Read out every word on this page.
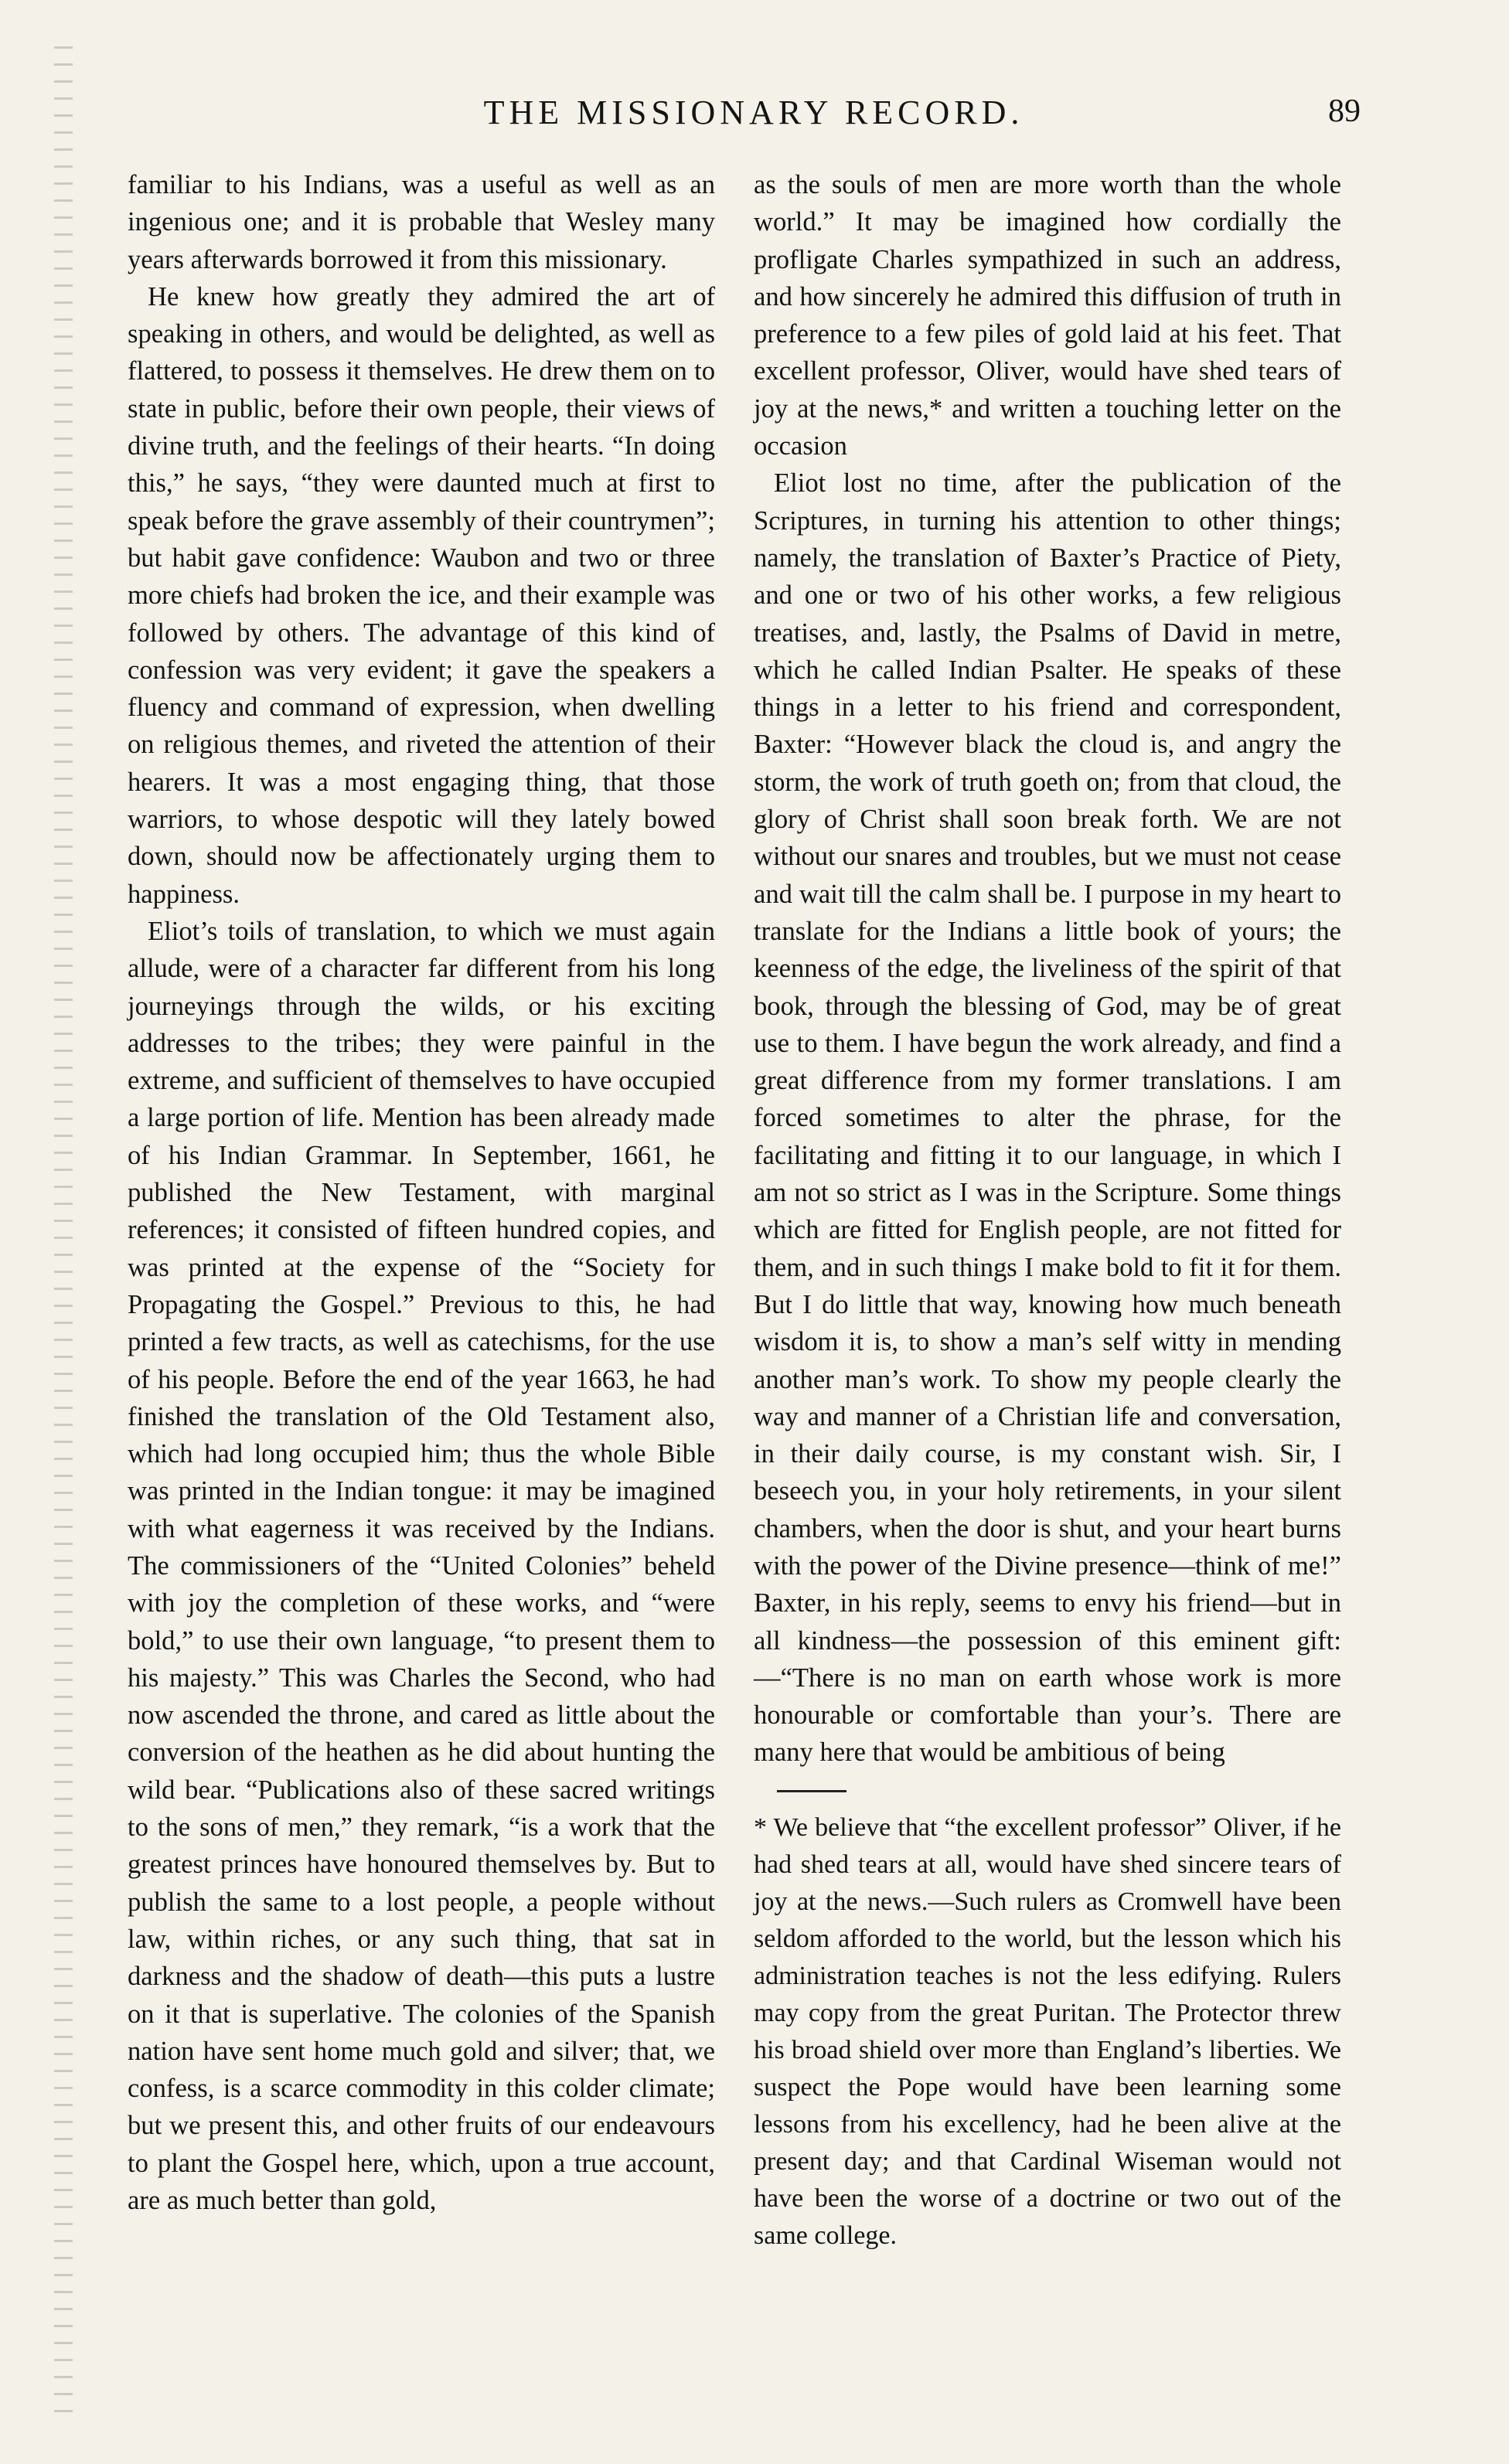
THE MISSIONARY RECORD.	89

familiar to his Indians, was a useful as well as an ingenious one; and it is probable that Wesley many years afterwards borrowed it from this missionary.

He knew how greatly they admired the art of speaking in others, and would be delighted, as well as flattered, to possess it themselves. He drew them on to state in public, before their own people, their views of divine truth, and the feelings of their hearts. “In doing this,” he says, “they were daunted much at first to speak before the grave assembly of their countrymen”; but habit gave confidence: Waubon and two or three more chiefs had broken the ice, and their example was followed by others. The advantage of this kind of confession was very evident; it gave the speakers a fluency and command of expression, when dwelling on religious themes, and riveted the attention of their hearers. It was a most engaging thing, that those warriors, to whose despotic will they lately bowed down, should now be affectionately urging them to happiness.

Eliot’s toils of translation, to which we must again allude, were of a character far different from his long journeyings through the wilds, or his exciting addresses to the tribes; they were painful in the extreme, and sufficient of themselves to have occupied a large portion of life. Mention has been already made of his Indian Grammar. In September, 1661, he published the New Testament, with marginal references; it consisted of fifteen hundred copies, and was printed at the expense of the “Society for Propagating the Gospel.” Previous to this, he had printed a few tracts, as well as catechisms, for the use of his people. Before the end of the year 1663, he had finished the translation of the Old Testament also, which had long occupied him; thus the whole Bible was printed in the Indian tongue: it may be imagined with what eagerness it was received by the Indians. The commissioners of the “United Colonies” beheld with joy the completion of these works, and “were bold,” to use their own language, “to present them to his majesty.” This was Charles the Second, who had now ascended the throne, and cared as little about the conversion of the heathen as he did about hunting the wild bear. “Publications also of these sacred writings to the sons of men,” they remark, “is a work that the greatest princes have honoured themselves by. But to publish the same to a lost people, a people without law, within riches, or any such thing, that sat in darkness and the shadow of death—this puts a lustre on it that is superlative. The colonies of the Spanish nation have sent home much gold and silver; that, we confess, is a scarce commodity in this colder climate; but we present this, and other fruits of our endeavours to plant the Gospel here, which, upon a true account, are as much better than gold,

as the souls of men are more worth than the whole world.” It may be imagined how cordially the profligate Charles sympathized in such an address, and how sincerely he admired this diffusion of truth in preference to a few piles of gold laid at his feet. That excellent professor, Oliver, would have shed tears of joy at the news,* and written a touching letter on the occasion

Eliot lost no time, after the publication of the Scriptures, in turning his attention to other things; namely, the translation of Baxter’s Practice of Piety, and one or two of his other works, a few religious treatises, and, lastly, the Psalms of David in metre, which he called Indian Psalter. He speaks of these things in a letter to his friend and correspondent, Baxter: “However black the cloud is, and angry the storm, the work of truth goeth on; from that cloud, the glory of Christ shall soon break forth. We are not without our snares and troubles, but we must not cease and wait till the calm shall be. I purpose in my heart to translate for the Indians a little book of yours; the keenness of the edge, the liveliness of the spirit of that book, through the blessing of God, may be of great use to them. I have begun the work already, and find a great difference from my former translations. I am forced sometimes to alter the phrase, for the facilitating and fitting it to our language, in which I am not so strict as I was in the Scripture. Some things which are fitted for English people, are not fitted for them, and in such things I make bold to fit it for them. But I do little that way, knowing how much beneath wisdom it is, to show a man’s self witty in mending another man’s work. To show my people clearly the way and manner of a Christian life and conversation, in their daily course, is my constant wish. Sir, I beseech you, in your holy retirements, in your silent chambers, when the door is shut, and your heart burns with the power of the Divine presence—think of me!” Baxter, in his reply, seems to envy his friend—but in all kindness—the possession of this eminent gift:—“There is no man on earth whose work is more honourable or comfortable than your’s. There are many here that would be ambitious of being

* We believe that “the excellent professor” Oliver, if he had shed tears at all, would have shed sincere tears of joy at the news.—Such rulers as Cromwell have been seldom afforded to the world, but the lesson which his administration teaches is not the less edifying. Rulers may copy from the great Puritan. The Protector threw his broad shield over more than England’s liberties. We suspect the Pope would have been learning some lessons from his excellency, had he been alive at the present day; and that Cardinal Wiseman would not have been the worse of a doctrine or two out of the same college.
